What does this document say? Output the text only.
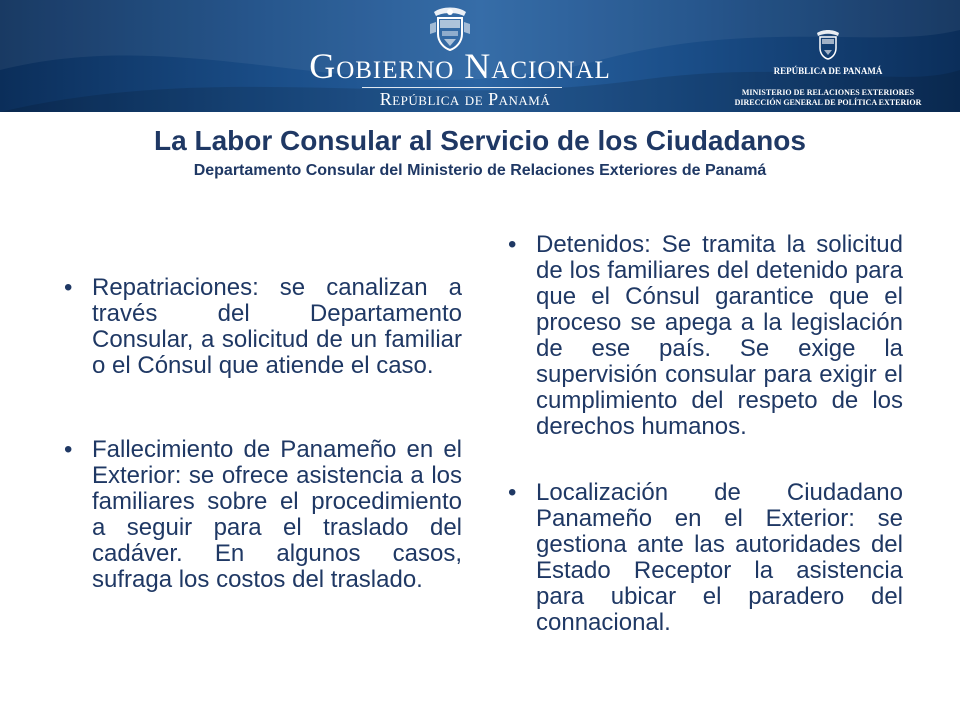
Gobierno Nacional
República de Panamá
REPÚBLICA DE PANAMÁ
MINISTERIO DE RELACIONES EXTERIORES
DIRECCIÓN GENERAL DE POLÍTICA EXTERIOR
La Labor Consular al Servicio de los Ciudadanos
Departamento Consular del Ministerio de Relaciones Exteriores de Panamá
• Repatriaciones: se canalizan a través del Departamento Consular, a solicitud de un familiar o el Cónsul que atiende el caso.
• Fallecimiento de Panameño en el Exterior: se ofrece asistencia a los familiares sobre el procedimiento a seguir para el traslado del cadáver. En algunos casos, sufraga los costos del traslado.
• Detenidos: Se tramita la solicitud de los familiares del detenido para que el Cónsul garantice que el proceso se apega a la legislación de ese país. Se exige la supervisión consular para exigir el cumplimiento del respeto de los derechos humanos.
• Localización de Ciudadano Panameño en el Exterior: se gestiona ante las autoridades del Estado Receptor la asistencia para ubicar el paradero del connacional.
